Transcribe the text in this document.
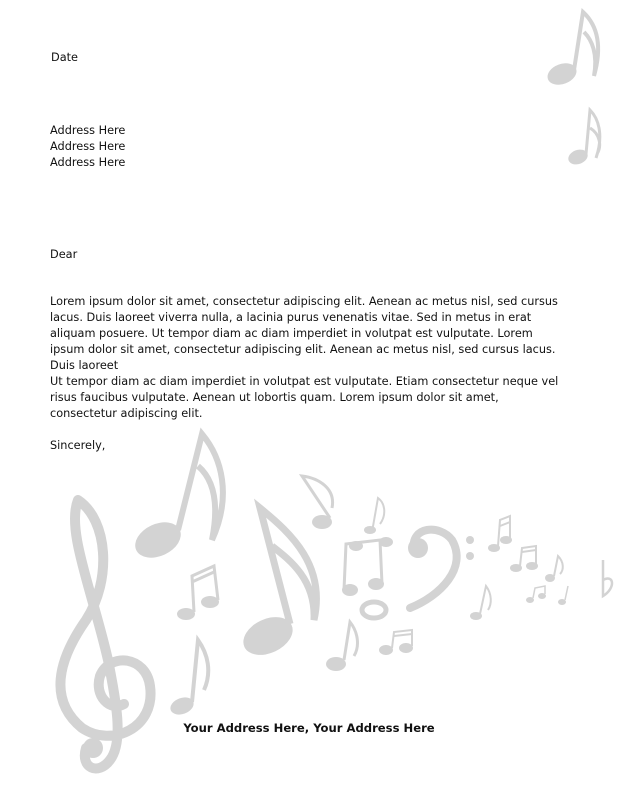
Date

Address Here
Address Here
Address Here

Dear

Lorem ipsum dolor sit amet, consectetur adipiscing elit. Aenean ac metus nisl, sed cursus lacus. Duis laoreet viverra nulla, a lacinia purus venenatis vitae. Sed in metus in erat aliquam posuere. Ut tempor diam ac diam imperdiet in volutpat est vulputate. Lorem ipsum dolor sit amet, consectetur adipiscing elit. Aenean ac metus nisl, sed cursus lacus. Duis laoreet

Ut tempor diam ac diam imperdiet in volutpat est vulputate. Etiam consectetur neque vel risus faucibus vulputate. Aenean ut lobortis quam. Lorem ipsum dolor sit amet, consectetur adipiscing elit.

Sincerely,

Your Address Here, Your Address Here
